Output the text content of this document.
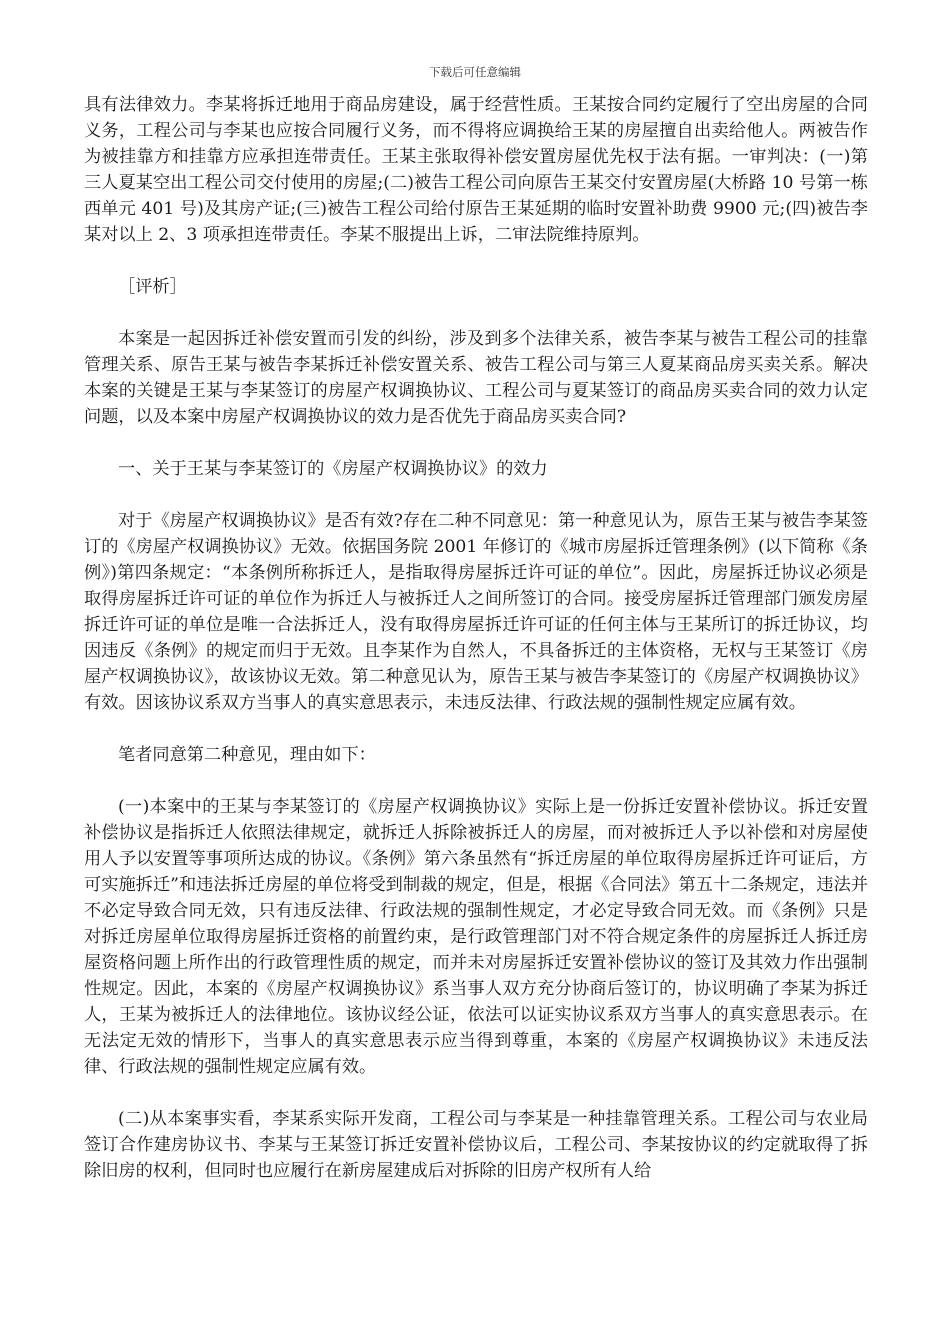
下载后可任意编辑

具有法律效力。李某将拆迁地用于商品房建设，属于经营性质。王某按合同约定履行了空出房屋的合同义务，工程公司与李某也应按合同履行义务，而不得将应调换给王某的房屋擅自出卖给他人。两被告作为被挂靠方和挂靠方应承担连带责任。王某主张取得补偿安置房屋优先权于法有据。一审判决：(一)第三人夏某空出工程公司交付使用的房屋;(二)被告工程公司向原告王某交付安置房屋(大桥路 10 号第一栋西单元 401 号)及其房产证;(三)被告工程公司给付原告王某延期的临时安置补助费 9900 元;(四)被告李某对以上 2、3 项承担连带责任。李某不服提出上诉，二审法院维持原判。

［评析］

本案是一起因拆迁补偿安置而引发的纠纷，涉及到多个法律关系，被告李某与被告工程公司的挂靠管理关系、原告王某与被告李某拆迁补偿安置关系、被告工程公司与第三人夏某商品房买卖关系。解决本案的关键是王某与李某签订的房屋产权调换协议、工程公司与夏某签订的商品房买卖合同的效力认定问题，以及本案中房屋产权调换协议的效力是否优先于商品房买卖合同?

一、关于王某与李某签订的《房屋产权调换协议》的效力

对于《房屋产权调换协议》是否有效?存在二种不同意见：第一种意见认为，原告王某与被告李某签订的《房屋产权调换协议》无效。依据国务院 2001 年修订的《城市房屋拆迁管理条例》(以下简称《条例》)第四条规定：“本条例所称拆迁人，是指取得房屋拆迁许可证的单位”。因此，房屋拆迁协议必须是取得房屋拆迁许可证的单位作为拆迁人与被拆迁人之间所签订的合同。接受房屋拆迁管理部门颁发房屋拆迁许可证的单位是唯一合法拆迁人，没有取得房屋拆迁许可证的任何主体与王某所订的拆迁协议，均因违反《条例》的规定而归于无效。且李某作为自然人，不具备拆迁的主体资格，无权与王某签订《房屋产权调换协议》，故该协议无效。第二种意见认为，原告王某与被告李某签订的《房屋产权调换协议》有效。因该协议系双方当事人的真实意思表示，未违反法律、行政法规的强制性规定应属有效。

笔者同意第二种意见，理由如下：

(一)本案中的王某与李某签订的《房屋产权调换协议》实际上是一份拆迁安置补偿协议。拆迁安置补偿协议是指拆迁人依照法律规定，就拆迁人拆除被拆迁人的房屋，而对被拆迁人予以补偿和对房屋使用人予以安置等事项所达成的协议。《条例》第六条虽然有“拆迁房屋的单位取得房屋拆迁许可证后，方可实施拆迁”和违法拆迁房屋的单位将受到制裁的规定，但是，根据《合同法》第五十二条规定，违法并不必定导致合同无效，只有违反法律、行政法规的强制性规定，才必定导致合同无效。而《条例》只是对拆迁房屋单位取得房屋拆迁资格的前置约束，是行政管理部门对不符合规定条件的房屋拆迁人拆迁房屋资格问题上所作出的行政管理性质的规定，而并未对房屋拆迁安置补偿协议的签订及其效力作出强制性规定。因此，本案的《房屋产权调换协议》系当事人双方充分协商后签订的，协议明确了李某为拆迁人，王某为被拆迁人的法律地位。该协议经公证，依法可以证实协议系双方当事人的真实意思表示。在无法定无效的情形下，当事人的真实意思表示应当得到尊重，本案的《房屋产权调换协议》未违反法律、行政法规的强制性规定应属有效。

(二)从本案事实看，李某系实际开发商，工程公司与李某是一种挂靠管理关系。工程公司与农业局签订合作建房协议书、李某与王某签订拆迁安置补偿协议后，工程公司、李某按协议的约定就取得了拆除旧房的权利，但同时也应履行在新房屋建成后对拆除的旧房产权所有人给
